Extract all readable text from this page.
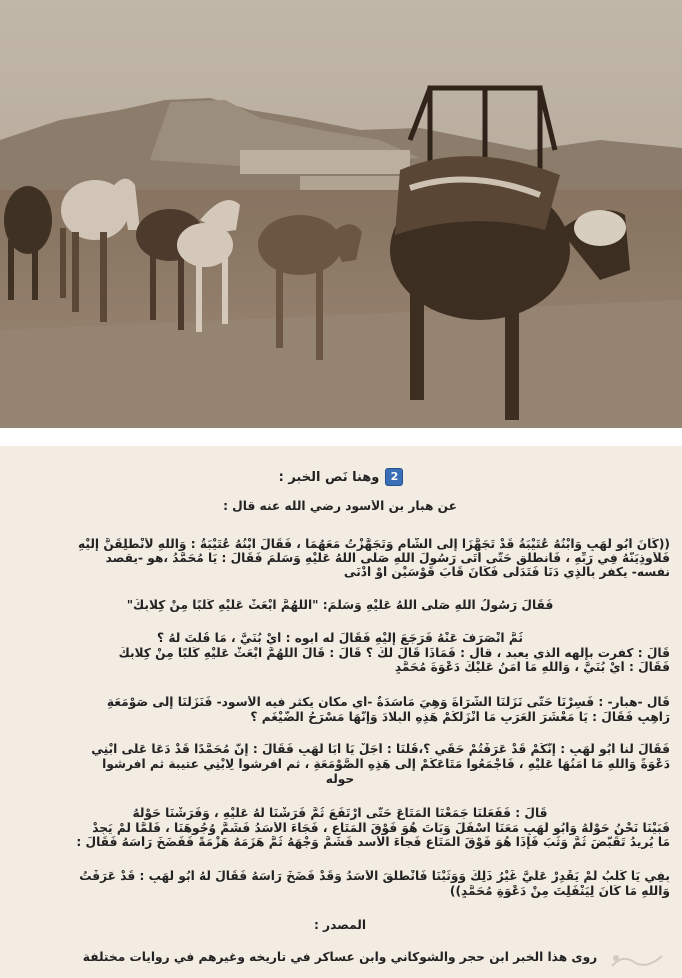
2
وهنا نَص الخبر :
عن هبار بن الأسود رضي الله عنه قال :
((كَانَ أَبُو لَهَبٍ وَابْنُهُ عُتَيْبَةُ قَدْ تَجَهَّزَا إِلَى الشَّامِ وَتَجَهَّزْتُ مَعَهُمَا ، فَقَالَ ابْنُهُ عُتَيْبَةُ : وَاللهِ لَأَنْطَلِقَنَّ إِلَيْهِ
فَلَأُوذِيَنَّهُ فِي رَبِّهِ ، فَانطلق حَتَّى أَتَى رَسُولَ اللهِ صَلَّى اللهُ عَلَيْهِ وَسَلَّمَ فَقَالَ : يَا مُحَمَّدُ ،هو -يقصد
نفسه- يكفر بِالَّذِي دَنَا فَتَدَلَّى فَكَانَ قَابَ قَوْسَيْنِ أَوْ أَدْنَى
فَقَالَ رَسُولُ اللهِ صَلَّى اللهُ عَلَيْهِ وَسَلَّمَ: "اللَّهُمَّ ابْعَثْ عَلَيْهِ كَلْبًا مِنْ كِلَابِكَ"
ثُمَّ انْصَرَفَ عَنْهُ فَرَجَعَ إِلَيْهِ فَقَالَ له ابوه : أَيْ بُنَيَّ ، مَا قُلْتَ لَهُ ؟
قَالَ : كفرت بإلهه الذي يعبد ، قال : فَمَاذَا قَالَ لَكَ ؟ قَالَ : قَالَ اللَّهُمَّ ابْعَثْ عَلَيْهِ كَلْبًا مِنْ كِلَابِكَ
فَقَالَ : أَيْ بُنَيَّ ، وَاللهِ مَا آمَنُ عَلَيْكَ دَعْوَةَ مُحَمَّدٍ
قَال -هبار- : فَسِرْنَا حَتَّى نَزَلْنَا الشَّرَاةَ وَهِيَ مَأْسَدَةٌ -أي مكان يكثر فيه الأسود- فَنَزَلْنَا إِلَى صَوْمَعَةِ
رَاهِبٍ فَقَالَ : يَا مَعْشَرَ الْعَرَبِ مَا أَنْزَلَكُمْ هَذِهِ الْبِلَادَ وَإِنَّهَا مَسْرَحُ الضَّيْغَمِ ؟
فَقَالَ لنا أَبُو لَهَبٍ : إِنَّكُمْ قَدْ عَرَفْتُمْ حَقِّي ؟،قُلْنَا : أَجَلْ يَا أَبَا لَهَبٍ فَقَالَ : إِنَّ مُحَمَّدًا قَدْ دَعَا عَلَى ابْنِي
دَعْوَةً وَاللهِ مَا آمَنُهَا عَلَيْهِ ، فَاجْمَعُوا مَتَاعَكُمْ إِلَى هَذِهِ الصَّوْمَعَةِ ، ثم افرشوا لِابْنِي عتيبة ثم افرشوا
حوله
قَالَ : فَفَعَلْنَا جَمَعْنَا الْمَتَاعَ حَتَّى ارْتَفَعَ ثُمَّ فَرَشْنَا لَهُ عَلَيْهِ ، وَفَرَشْنَا حَوْلَهُ
فَبَيْنَا نَحْنُ حَوْلَهُ وَأَبُو لَهَبٍ مَعَنَا أَسْفَلَ وَبَاتَ هُوَ فَوْقَ الْمَتَاعِ ، فَجَاءَ الْأَسَدُ فَشَمَّ وُجُوهَنَا ، فَلَمَّا لَمْ يَجِدْ
مَا يُرِيدُ تَقَبَّضَ ثُمَّ وَثَبَ فَإِذَا هُوَ فَوْقَ الْمَتَاعِ فَجاءَ الأسد فَشَمَّ وَجْهَهُ ثُمَّ هَزَمَهُ هَزْمَةً فَفَضَخَ رَأْسَهُ فَقَالَ :
بِفِي يَا كَلْبُ لَمْ يَقْدِرْ عَلَيَّ غَيْرُ ذَلِكَ وَوَثَبْنَا فَانْطَلَقَ الْأَسَدُ وَقَدْ فَضَخَ رَأْسَهُ فَقَالَ لَهُ أَبُو لَهَبٍ : قَدْ عَرَفْتُ
وَاللهِ مَا كَانَ لِيَنْفَلِتَ مِنْ دَعْوَةِ مُحَمَّدٍ))
المصدر :
روى هذا الخبر ابن حجر والشوكاني وابن عساكر في تاريخه وغيرهم في روايات مختلفة
